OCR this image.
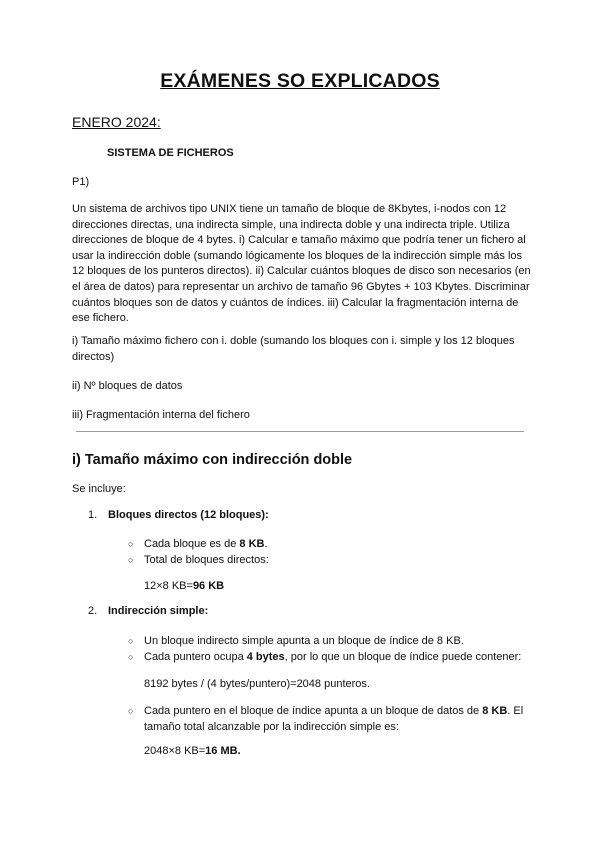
EXÁMENES SO EXPLICADOS
ENERO 2024:
SISTEMA DE FICHEROS
P1)

Un sistema de archivos tipo UNIX tiene un tamaño de bloque de 8Kbytes, i-nodos con 12 direcciones directas, una indirecta simple, una indirecta doble y una indirecta triple. Utiliza direcciones de bloque de 4 bytes. i) Calcular e tamaño máximo que podría tener un fichero al usar la indirección doble (sumando lógicamente los bloques de la indirección simple más los 12 bloques de los punteros directos). ii) Calcular cuántos bloques de disco son necesarios (en el área de datos) para representar un archivo de tamaño 96 Gbytes + 103 Kbytes. Discriminar cuántos bloques son de datos y cuántos de índices. iii) Calcular la fragmentación interna de ese fichero.

i) Tamaño máximo fichero con i. doble (sumando los bloques con i. simple y los 12 bloques directos)

ii) Nº bloques de datos

iii) Fragmentación interna del fichero

i) Tamaño máximo con indirección doble
Se incluye:
1. Bloques directos (12 bloques):
○ Cada bloque es de 8 KB.
○ Total de bloques directos:
12×8 KB=96 KB
2. Indirección simple:
○ Un bloque indirecto simple apunta a un bloque de índice de 8 KB.
○ Cada puntero ocupa 4 bytes, por lo que un bloque de índice puede contener:
8192 bytes / (4 bytes/puntero)=2048 punteros.
○ Cada puntero en el bloque de índice apunta a un bloque de datos de 8 KB. El tamaño total alcanzable por la indirección simple es:
2048×8 KB=16 MB.
